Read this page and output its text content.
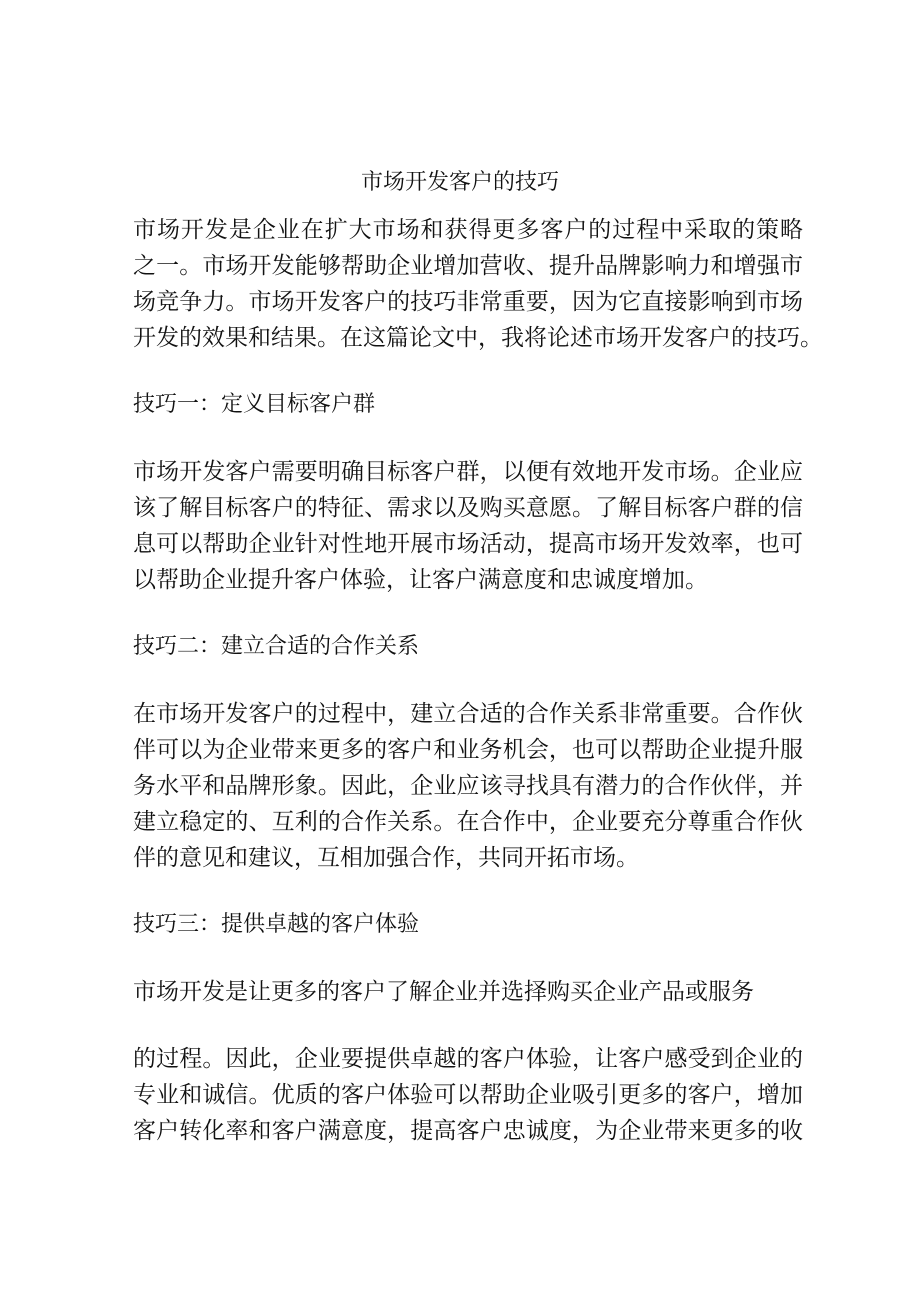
市场开发客户的技巧
市场开发是企业在扩大市场和获得更多客户的过程中采取的策略
之一。市场开发能够帮助企业增加营收、提升品牌影响力和增强市
场竞争力。市场开发客户的技巧非常重要，因为它直接影响到市场
开发的效果和结果。在这篇论文中，我将论述市场开发客户的技巧。
技巧一：定义目标客户群
市场开发客户需要明确目标客户群，以便有效地开发市场。企业应
该了解目标客户的特征、需求以及购买意愿。了解目标客户群的信
息可以帮助企业针对性地开展市场活动，提高市场开发效率，也可
以帮助企业提升客户体验，让客户满意度和忠诚度增加。
技巧二：建立合适的合作关系
在市场开发客户的过程中，建立合适的合作关系非常重要。合作伙
伴可以为企业带来更多的客户和业务机会，也可以帮助企业提升服
务水平和品牌形象。因此，企业应该寻找具有潜力的合作伙伴，并
建立稳定的、互利的合作关系。在合作中，企业要充分尊重合作伙
伴的意见和建议，互相加强合作，共同开拓市场。
技巧三：提供卓越的客户体验
市场开发是让更多的客户了解企业并选择购买企业产品或服务
的过程。因此，企业要提供卓越的客户体验，让客户感受到企业的
专业和诚信。优质的客户体验可以帮助企业吸引更多的客户，增加
客户转化率和客户满意度，提高客户忠诚度，为企业带来更多的收
